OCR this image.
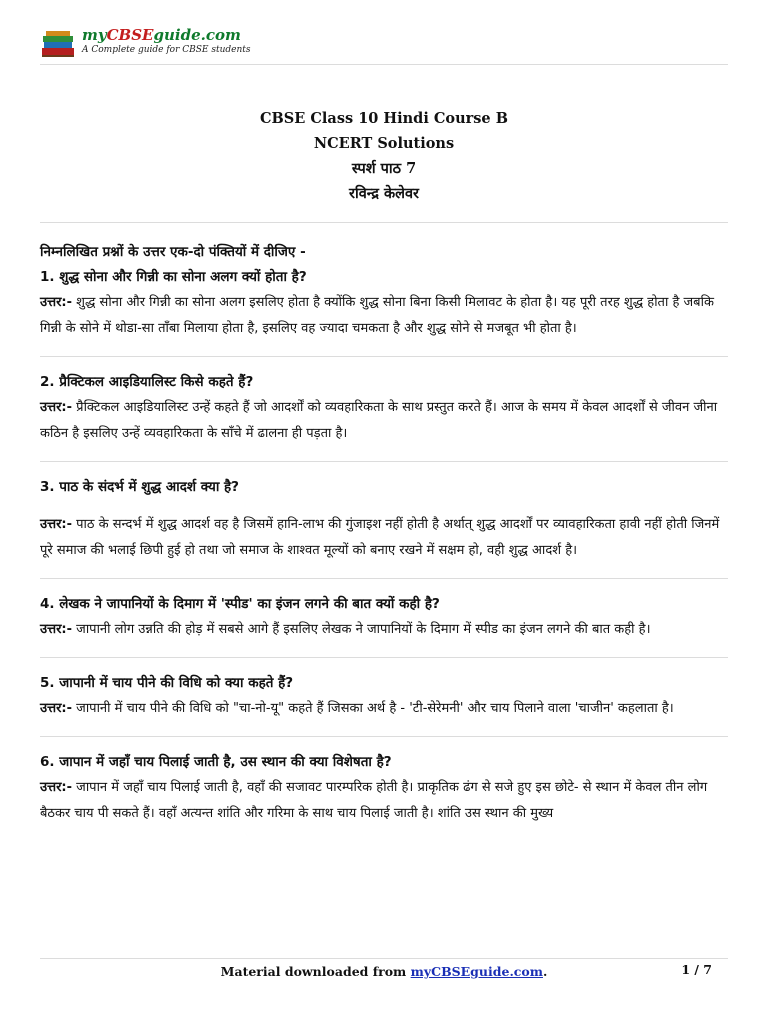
myCBSEguide.com
A Complete guide for CBSE students
CBSE Class 10 Hindi Course B
NCERT Solutions
स्पर्श पाठ 7
रविन्द्र केलेवर
निम्नलिखित प्रश्नों के उत्तर एक-दो पंक्तियों में दीजिए -
1. शुद्ध सोना और गिन्नी का सोना अलग क्यों होता है?
उत्तर:- शुद्ध सोना और गिन्नी का सोना अलग इसलिए होता है क्योंकि शुद्ध सोना बिना किसी मिलावट के होता है। यह पूरी तरह शुद्ध होता है जबकि गिन्नी के सोने में थोडा-सा ताँबा मिलाया होता है, इसलिए वह ज्यादा चमकता है और शुद्ध सोने से मजबूत भी होता है।
2. प्रैक्टिकल आइडियालिस्ट किसे कहते हैं?
उत्तर:- प्रैक्टिकल आइडियालिस्ट उन्हें कहते हैं जो आदर्शों को व्यवहारिकता के साथ प्रस्तुत करते हैं। आज के समय में केवल आदर्शों से जीवन जीना कठिन है इसलिए उन्हें व्यवहारिकता के साँचे में ढालना ही पड़ता है।
3. पाठ के संदर्भ में शुद्ध आदर्श क्या है?
उत्तर:- पाठ के सन्दर्भ में शुद्ध आदर्श वह है जिसमें हानि-लाभ की गुंजाइश नहीं होती है अर्थात् शुद्ध आदर्शों पर व्यावहारिकता हावी नहीं होती जिनमें पूरे समाज की भलाई छिपी हुई हो तथा जो समाज के शाश्वत मूल्यों को बनाए रखने में सक्षम हो, वही शुद्ध आदर्श है।
4. लेखक ने जापानियों के दिमाग में 'स्पीड' का इंजन लगने की बात क्यों कही है?
उत्तर:- जापानी लोग उन्नति की होड़ में सबसे आगे हैं इसलिए लेखक ने जापानियों के दिमाग में स्पीड का इंजन लगने की बात कही है।
5. जापानी में चाय पीने की विधि को क्या कहते हैं?
उत्तर:- जापानी में चाय पीने की विधि को "चा-नो-यू" कहते हैं जिसका अर्थ है - 'टी-सेरेमनी' और चाय पिलाने वाला 'चाजीन' कहलाता है।
6. जापान में जहाँ चाय पिलाई जाती है, उस स्थान की क्या विशेषता है?
उत्तर:- जापान में जहाँ चाय पिलाई जाती है, वहाँ की सजावट पारम्परिक होती है। प्राकृतिक ढंग से सजे हुए इस छोटे- से स्थान में केवल तीन लोग बैठकर चाय पी सकते हैं। वहाँ अत्यन्त शांति और गरिमा के साथ चाय पिलाई जाती है। शांति उस स्थान की मुख्य
Material downloaded from myCBSEguide.com.	1 / 7
